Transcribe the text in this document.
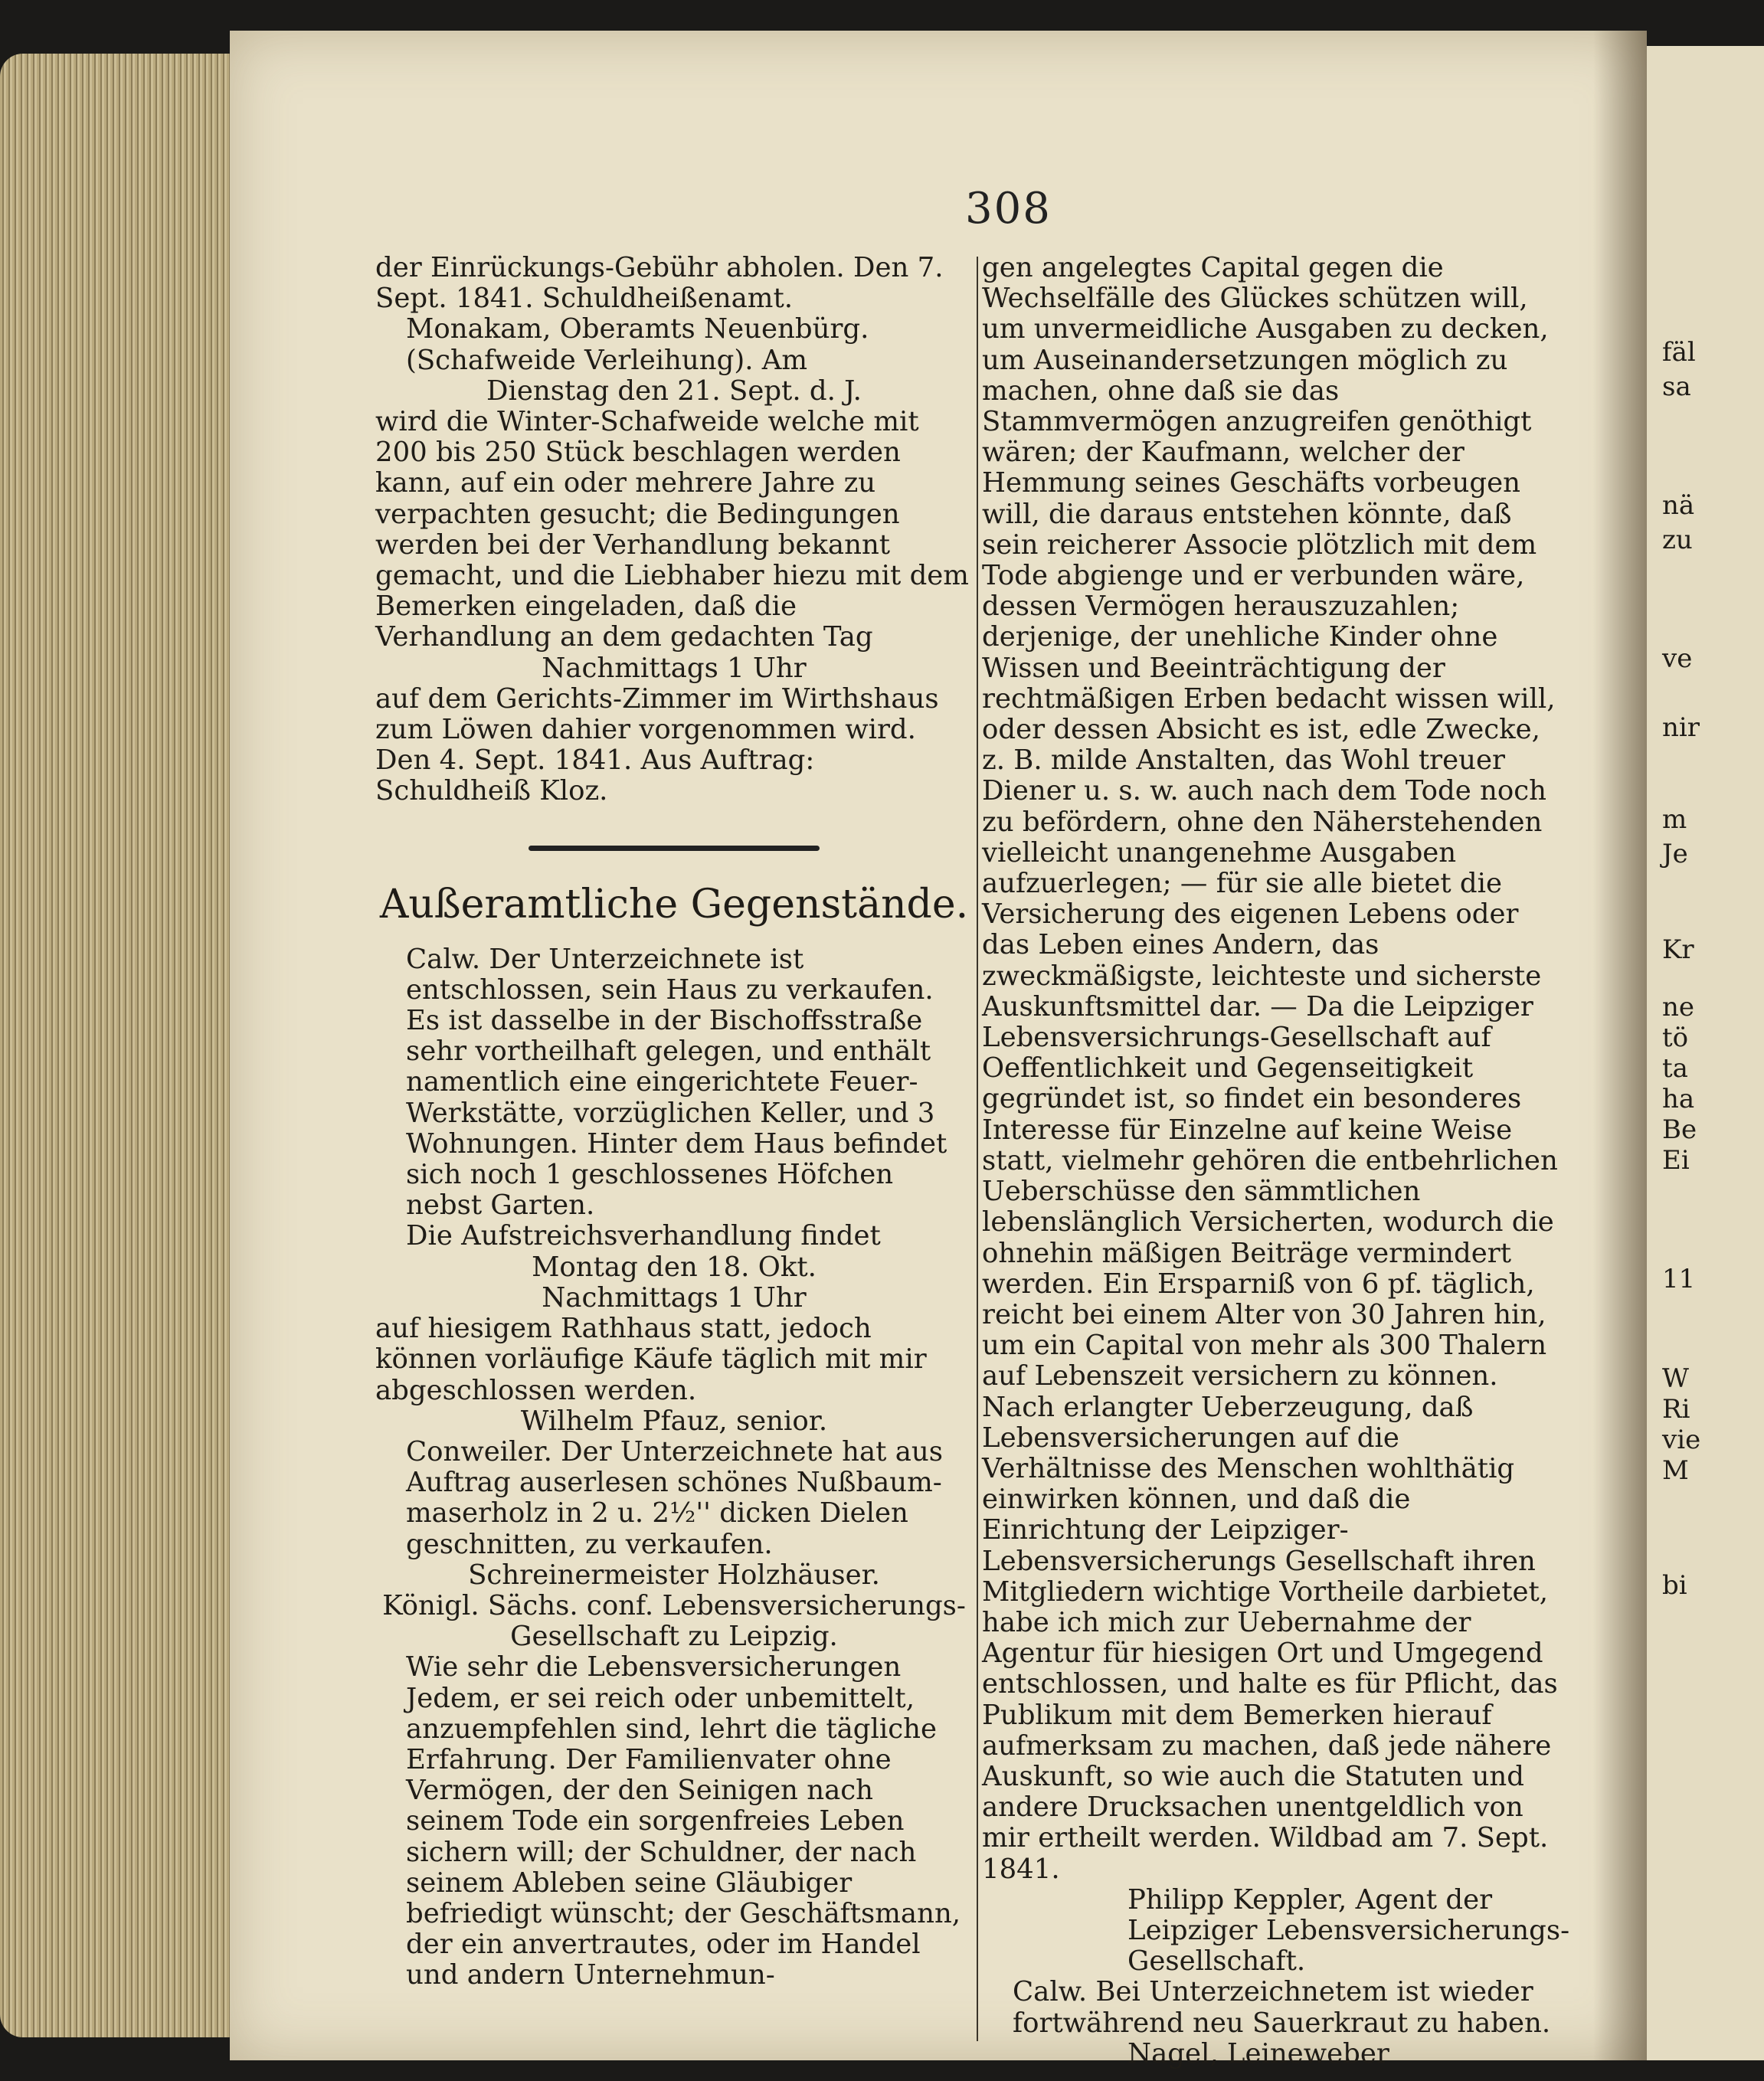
fäl
sa
nä
zu
ve
nir
m
Je
Kr
ne
tö
ta
ha
Be
Ei
11
W
Ri
vie
M
bi
308

der Einrückungs-Gebühr abholen. Den 7. Sept. 1841. Schuldheißenamt.

Monakam, Oberamts Neuenbürg. (Schafweide Verleihung). Am

Dienstag den 21. Sept. d. J.

wird die Winter-Schafweide welche mit 200 bis 250 Stück beschlagen werden kann, auf ein oder mehrere Jahre zu verpachten gesucht; die Bedingungen werden bei der Verhandlung bekannt gemacht, und die Liebhaber hiezu mit dem Bemerken eingeladen, daß die Verhandlung an dem gedachten Tag

Nachmittags 1 Uhr

auf dem Gerichts-Zimmer im Wirthshaus zum Löwen dahier vorgenommen wird. Den 4. Sept. 1841. Aus Auftrag: Schuldheiß Kloz.

Außeramtliche Gegenstände.

Calw. Der Unterzeichnete ist entschlossen, sein Haus zu verkaufen. Es ist dasselbe in der Bischoffsstraße sehr vortheilhaft gelegen, und enthält namentlich eine eingerichtete Feuer-Werkstätte, vorzüglichen Keller, und 3 Wohnungen. Hinter dem Haus befindet sich noch 1 geschlossenes Höfchen nebst Garten.

Die Aufstreichsverhandlung findet

Montag den 18. Okt.

Nachmittags 1 Uhr

auf hiesigem Rathhaus statt, jedoch können vorläufige Käufe täglich mit mir abgeschlossen werden.

Wilhelm Pfauz, senior.

Conweiler. Der Unterzeichnete hat aus Auftrag auserlesen schönes Nußbaum-maserholz in 2 u. 2½'' dicken Dielen geschnitten, zu verkaufen.

Schreinermeister Holzhäuser.

Königl. Sächs. conf. Lebensversicherungs-Gesellschaft zu Leipzig.

Wie sehr die Lebensversicherungen Jedem, er sei reich oder unbemittelt, anzuempfehlen sind, lehrt die tägliche Erfahrung. Der Familienvater ohne Vermögen, der den Seinigen nach seinem Tode ein sorgenfreies Leben sichern will; der Schuldner, der nach seinem Ableben seine Gläubiger befriedigt wünscht; der Geschäftsmann, der ein anvertrautes, oder im Handel und andern Unternehmun-

gen angelegtes Capital gegen die Wechselfälle des Glückes schützen will, um unvermeidliche Ausgaben zu decken, um Auseinandersetzungen möglich zu machen, ohne daß sie das Stammvermögen anzugreifen genöthigt wären; der Kaufmann, welcher der Hemmung seines Geschäfts vorbeugen will, die daraus entstehen könnte, daß sein reicherer Associe plötzlich mit dem Tode abgienge und er verbunden wäre, dessen Vermögen herauszuzahlen; derjenige, der unehliche Kinder ohne Wissen und Beeinträchtigung der rechtmäßigen Erben bedacht wissen will, oder dessen Absicht es ist, edle Zwecke, z. B. milde Anstalten, das Wohl treuer Diener u. s. w. auch nach dem Tode noch zu befördern, ohne den Näherstehenden vielleicht unangenehme Ausgaben aufzuerlegen; — für sie alle bietet die Versicherung des eigenen Lebens oder das Leben eines Andern, das zweckmäßigste, leichteste und sicherste Auskunftsmittel dar. — Da die Leipziger Lebensversichrungs-Gesellschaft auf Oeffentlichkeit und Gegenseitigkeit gegründet ist, so findet ein besonderes Interesse für Einzelne auf keine Weise statt, vielmehr gehören die entbehrlichen Ueberschüsse den sämmtlichen lebenslänglich Versicherten, wodurch die ohnehin mäßigen Beiträge vermindert werden. Ein Ersparniß von 6 pf. täglich, reicht bei einem Alter von 30 Jahren hin, um ein Capital von mehr als 300 Thalern auf Lebenszeit versichern zu können. Nach erlangter Ueberzeugung, daß Lebensversicherungen auf die Verhältnisse des Menschen wohlthätig einwirken können, und daß die Einrichtung der Leipziger-Lebensversicherungs Gesellschaft ihren Mitgliedern wichtige Vortheile darbietet, habe ich mich zur Uebernahme der Agentur für hiesigen Ort und Umgegend entschlossen, und halte es für Pflicht, das Publikum mit dem Bemerken hierauf aufmerksam zu machen, daß jede nähere Auskunft, so wie auch die Statuten und andere Drucksachen unentgeldlich von mir ertheilt werden. Wildbad am 7. Sept. 1841.

Philipp Keppler, Agent der Leipziger Lebensversicherungs-Gesellschaft.

Calw. Bei Unterzeichnetem ist wieder fortwährend neu Sauerkraut zu haben.

Nagel, Leineweber
